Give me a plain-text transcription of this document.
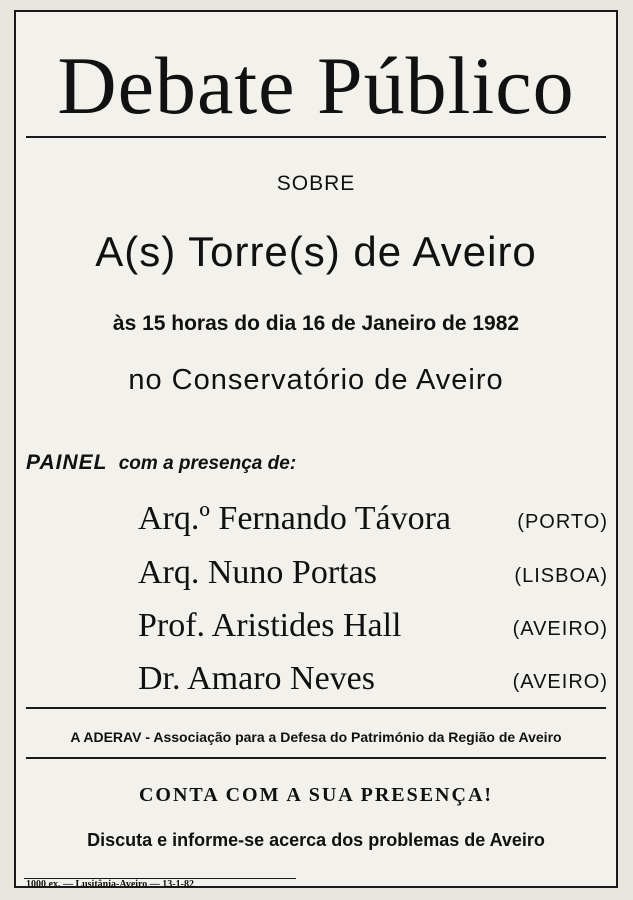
Debate Público
SOBRE
A(s) Torre(s) de Aveiro
às 15 horas do dia 16 de Janeiro de 1982
no Conservatório de Aveiro
PAINEL com a presença de:
Arq.º Fernando Távora	(PORTO)
Arq. Nuno Portas	(LISBOA)
Prof. Aristides Hall	(AVEIRO)
Dr. Amaro Neves	(AVEIRO)
A ADERAV - Associação para a Defesa do Património da Região de Aveiro
CONTA COM A SUA PRESENÇA!
Discuta e informe-se acerca dos problemas de Aveiro
1000 ex. — Lusitânia-Aveiro — 13-1-82
